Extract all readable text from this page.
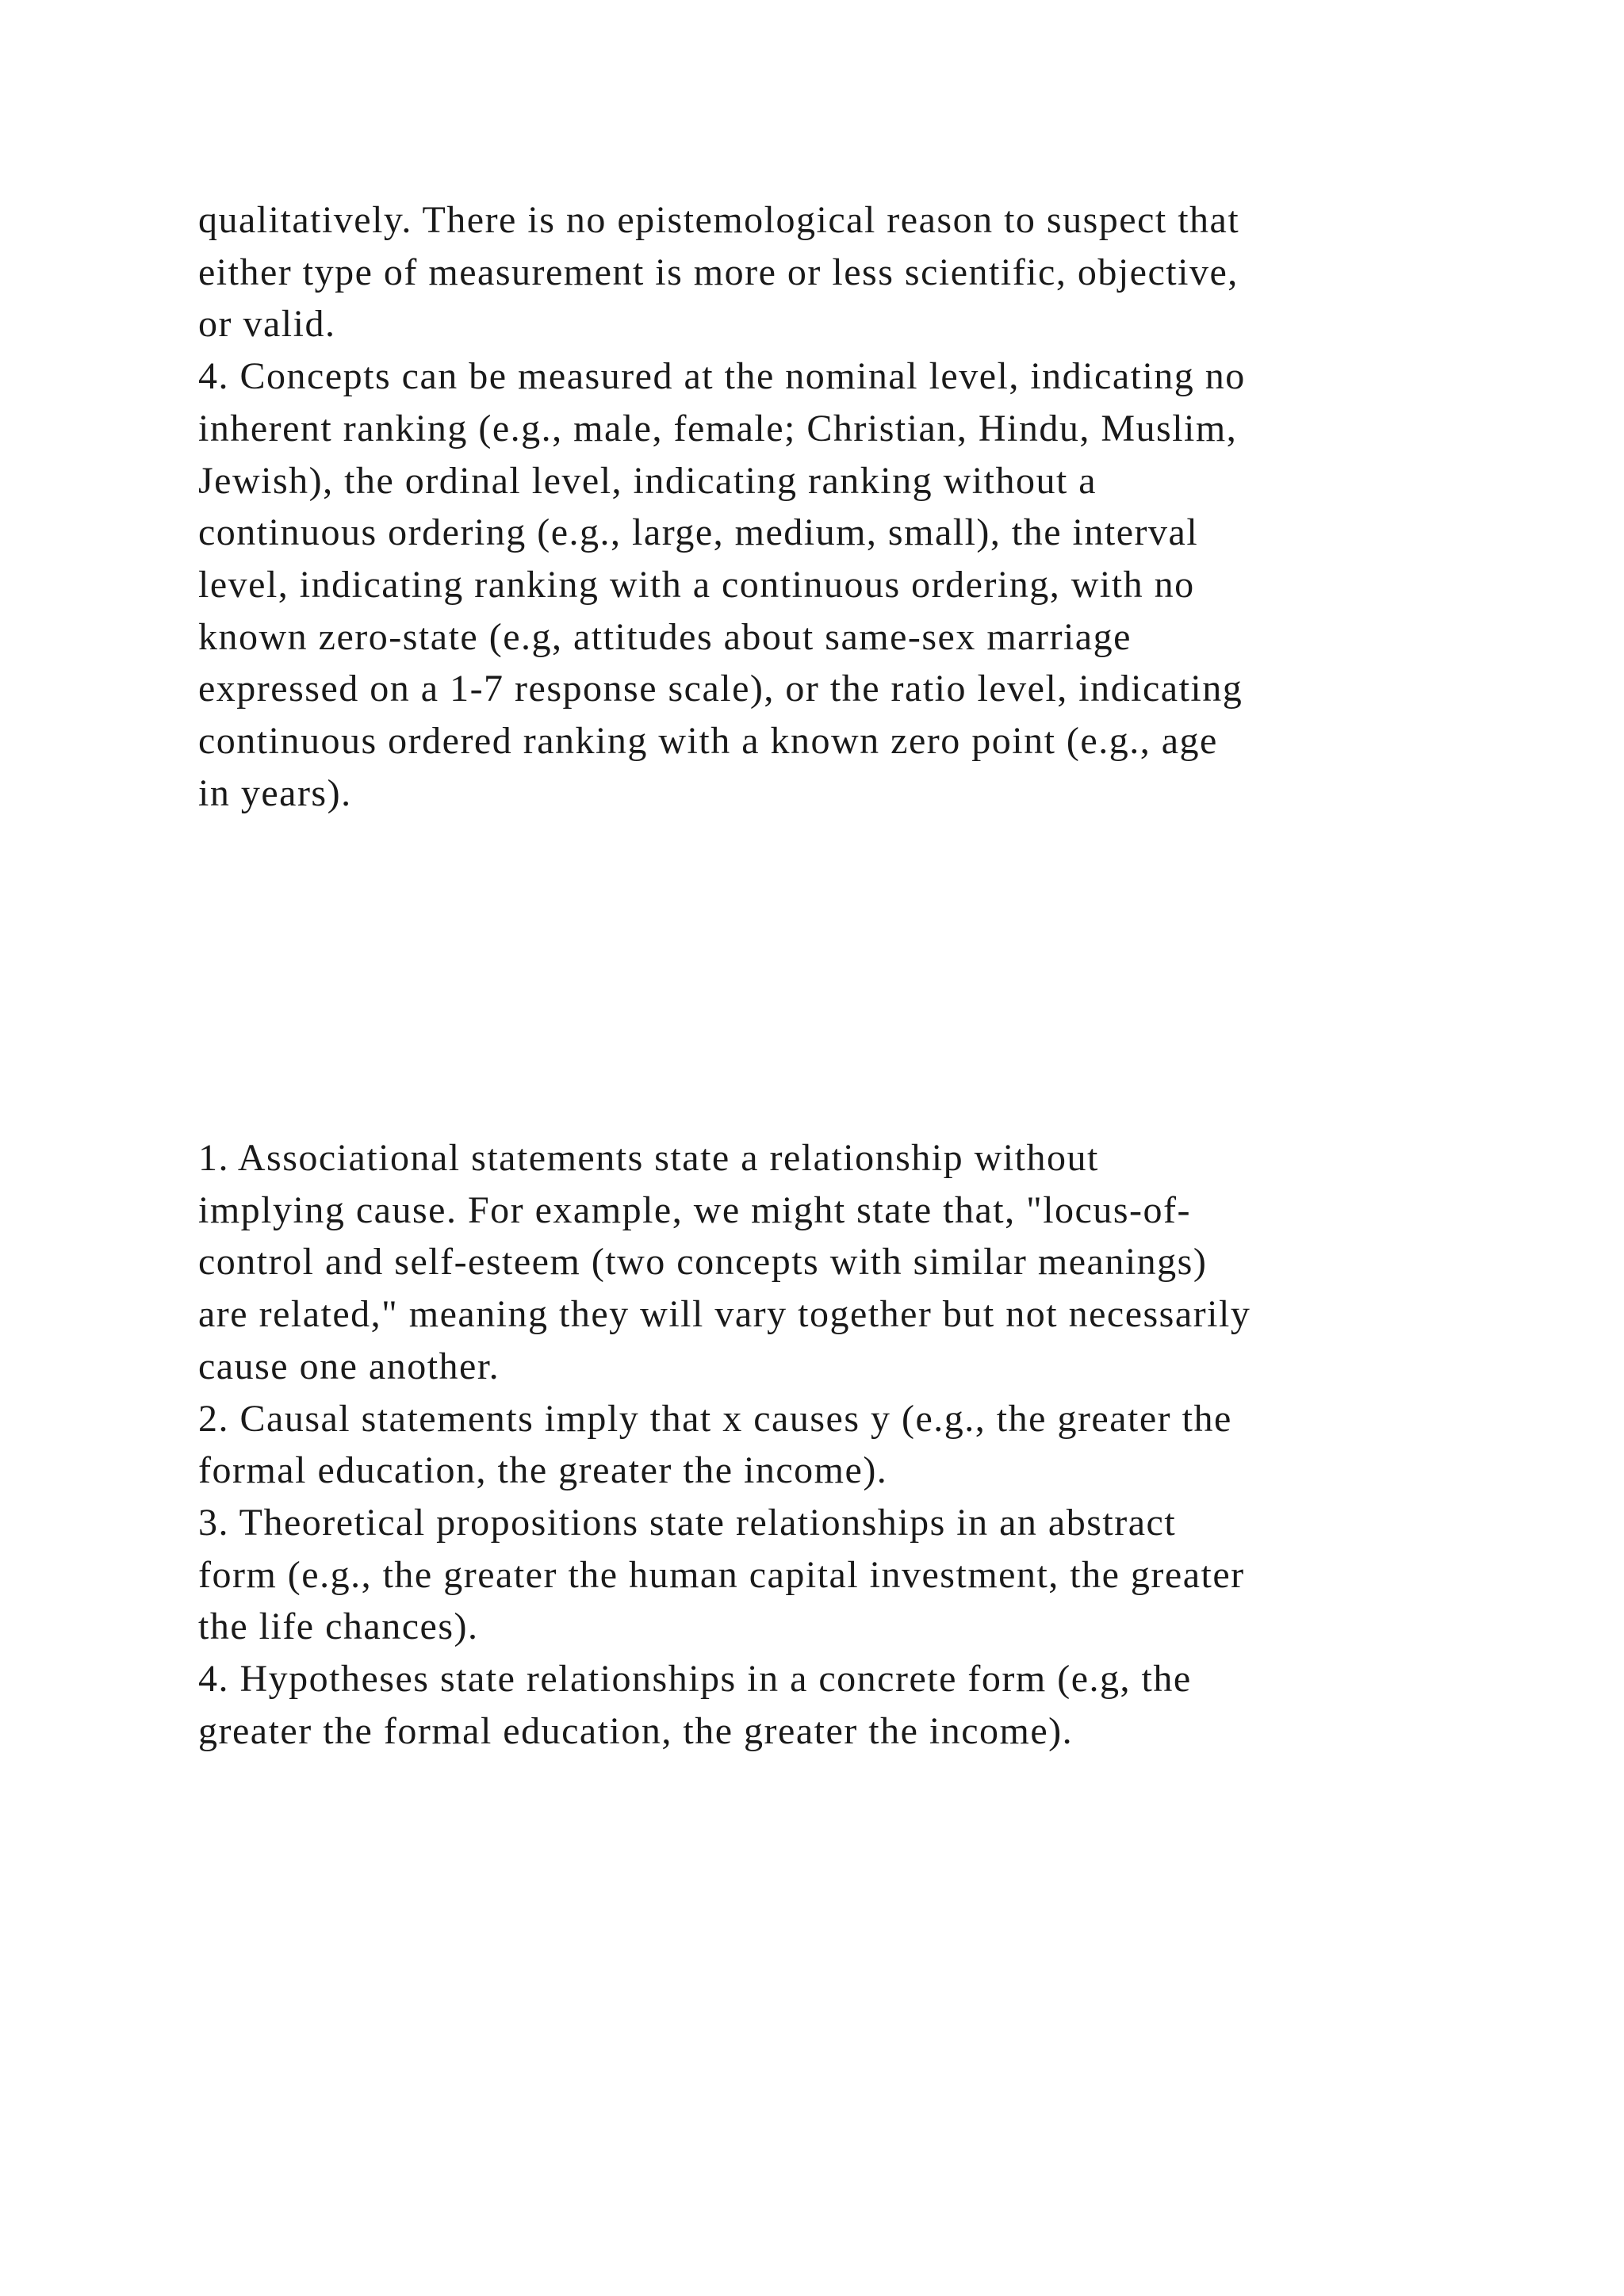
qualitatively. There is no epistemological reason to suspect that
either type of measurement is more or less scientific, objective,
or valid.
4. Concepts can be measured at the nominal level, indicating no
inherent ranking (e.g., male, female; Christian, Hindu, Muslim,
Jewish), the ordinal level, indicating ranking without a
continuous ordering (e.g., large, medium, small), the interval
level, indicating ranking with a continuous ordering, with no
known zero-state (e.g, attitudes about same-sex marriage
expressed on a 1-7 response scale), or the ratio level, indicating
continuous ordered ranking with a known zero point (e.g., age
in years).
1. Associational statements state a relationship without
implying cause. For example, we might state that, "locus-of-
control and self-esteem (two concepts with similar meanings)
are related," meaning they will vary together but not necessarily
cause one another.
2. Causal statements imply that x causes y (e.g., the greater the
formal education, the greater the income).
3. Theoretical propositions state relationships in an abstract
form (e.g., the greater the human capital investment, the greater
the life chances).
4. Hypotheses state relationships in a concrete form (e.g, the
greater the formal education, the greater the income).
